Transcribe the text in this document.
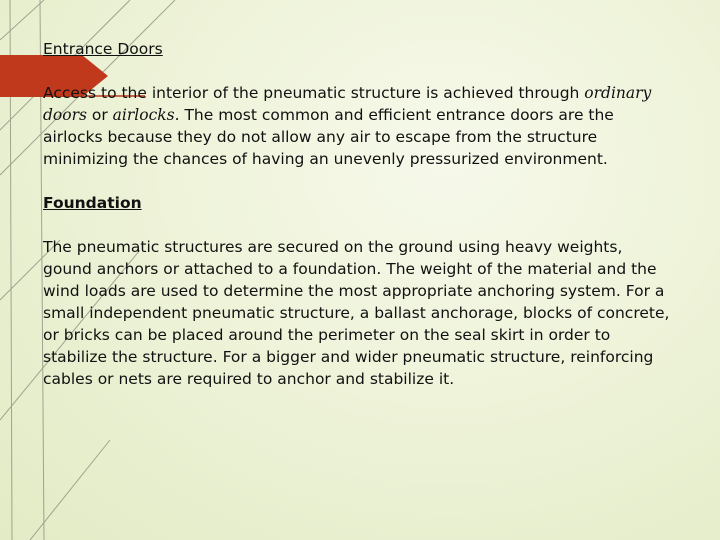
Entrance Doors

Access to the interior of the pneumatic structure is achieved through ordinary doors or airlocks. The most common and efficient entrance doors are the airlocks because they do not allow any air to escape from the structure minimizing the chances of having an unevenly pressurized environment.

Foundation

The pneumatic structures are secured on the ground using heavy weights, gound anchors or attached to a foundation. The weight of the material and the wind loads are used to determine the most appropriate anchoring system. For a small independent pneumatic structure, a ballast anchorage, blocks of concrete, or bricks can be placed around the perimeter on the seal skirt in order to stabilize the structure. For a bigger and wider pneumatic structure, reinforcing cables or nets are required to anchor and stabilize it.
